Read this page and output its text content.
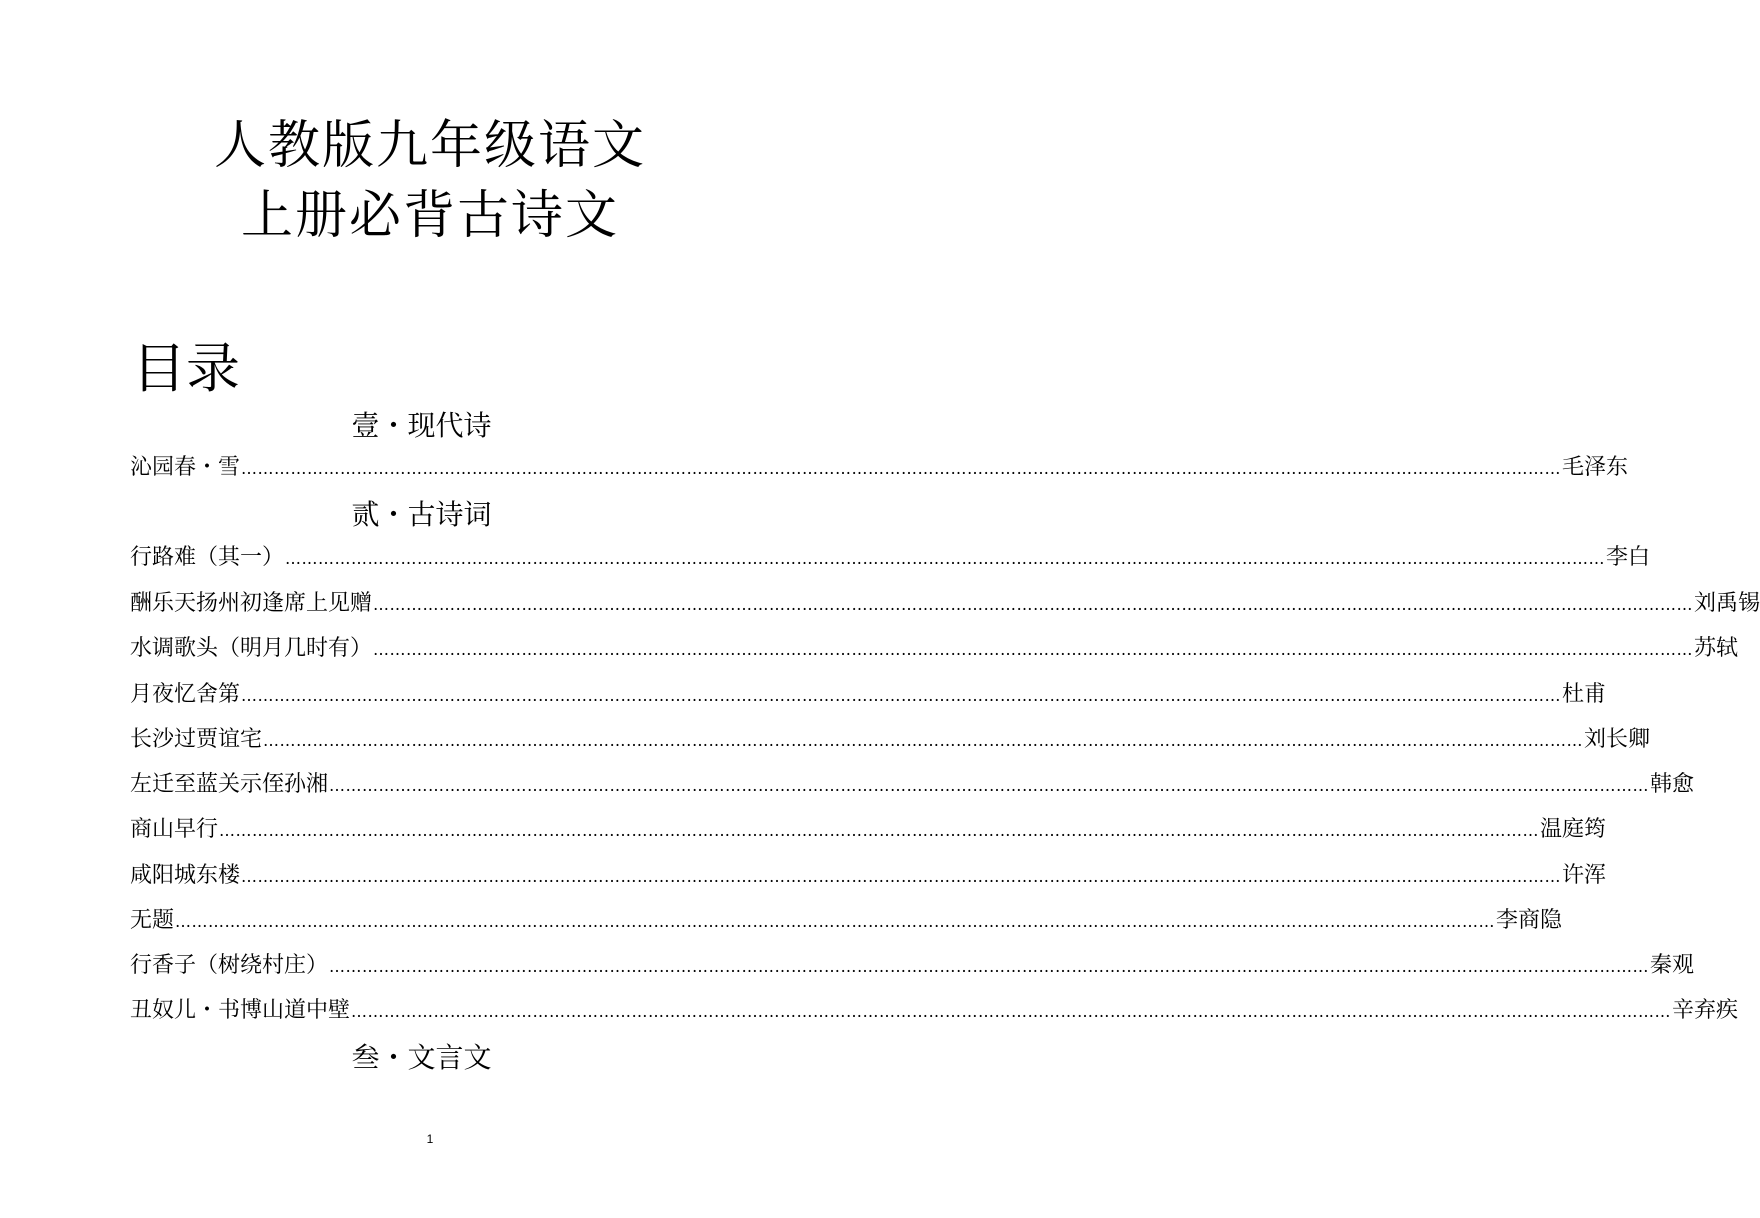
人教版九年级语文
上册必背古诗文
目录
壹・现代诗
沁园春・雪 …………………………………………………………………………………………………………………………………………………………………………………………………………………… 毛泽东
贰・古诗词
行路难（其一） …………………………………………………………………………………………………………………………………………………………………………………………………………………… 李白
酬乐天扬州初逢席上见赠 …………………………………………………………………………………………………………………………………………………………………………………………………………………… 刘禹锡
水调歌头（明月几时有） …………………………………………………………………………………………………………………………………………………………………………………………………………………… 苏轼
月夜忆舍第 …………………………………………………………………………………………………………………………………………………………………………………………………………………… 杜甫
长沙过贾谊宅 …………………………………………………………………………………………………………………………………………………………………………………………………………………… 刘长卿
左迁至蓝关示侄孙湘 …………………………………………………………………………………………………………………………………………………………………………………………………………………… 韩愈
商山早行 …………………………………………………………………………………………………………………………………………………………………………………………………………………… 温庭筠
咸阳城东楼 …………………………………………………………………………………………………………………………………………………………………………………………………………………… 许浑
无题 …………………………………………………………………………………………………………………………………………………………………………………………………………………… 李商隐
行香子（树绕村庄） …………………………………………………………………………………………………………………………………………………………………………………………………………………… 秦观
丑奴儿・书博山道中壁 …………………………………………………………………………………………………………………………………………………………………………………………………………………… 辛弃疾
叁・文言文
1
